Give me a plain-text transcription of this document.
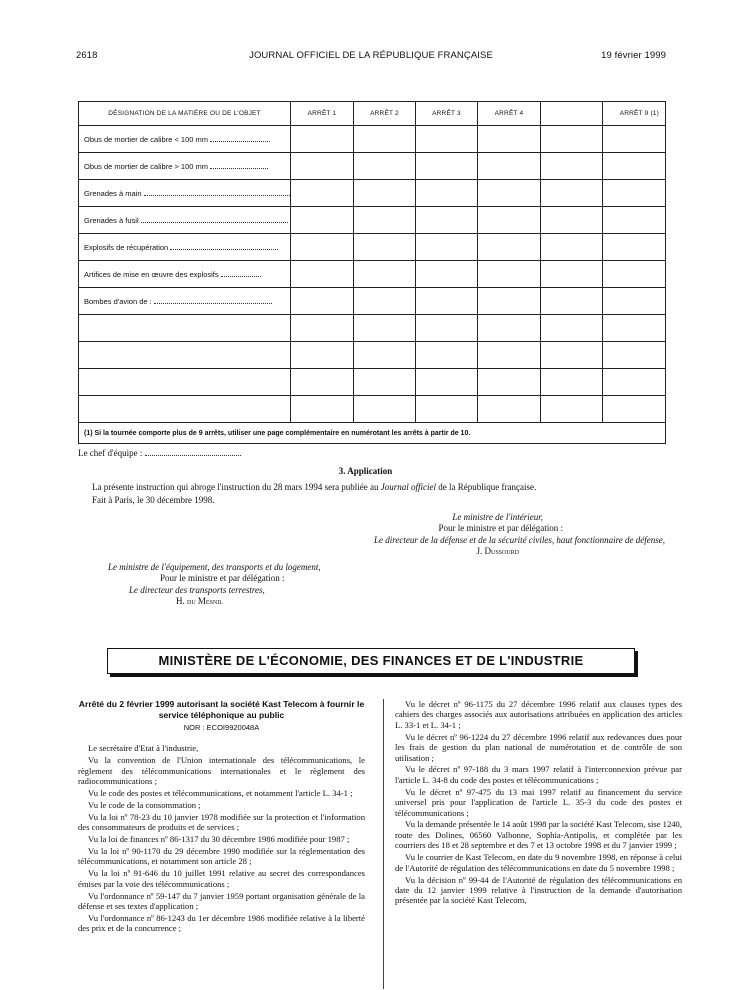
2618	JOURNAL OFFICIEL DE LA RÉPUBLIQUE FRANÇAISE	19 février 1999
DÉSIGNATION DE LA MATIÈRE OU DE L'OBJET	ARRÊT 1	ARRÊT 2	ARRÊT 3	ARRÊT 4		ARRÊT 9 (1)
Obus de mortier de calibre < 100 mm						
Obus de mortier de calibre > 100 mm						
Grenades à main						
Grenades à fusil						
Explosifs de récupération						
Artifices de mise en œuvre des explosifs						
Bombes d'avion de :						

(1) Si la tournée comporte plus de 9 arrêts, utiliser une page complémentaire en numérotant les arrêts à partir de 10.						
Le chef d'équipe :
3. Application
La présente instruction qui abroge l'instruction du 28 mars 1994 sera publiée au Journal officiel de la République française.
Fait à Paris, le 30 décembre 1998.
Le ministre de l'intérieur,
Pour le ministre et par délégation :
Le directeur de la défense et de la sécurité civiles, haut fonctionnaire de défense,
J. Dussourd
Le ministre de l'équipement, des transports et du logement,
Pour le ministre et par délégation :
Le directeur des transports terrestres,
H. du Mesnil
MINISTÈRE DE L'ÉCONOMIE, DES FINANCES ET DE L'INDUSTRIE

Arrêté du 2 février 1999 autorisant la société Kast Telecom à fournir le service téléphonique au public

NOR : ECOI9920048A

Le secrétaire d'Etat à l'industrie,

Vu la convention de l'Union internationale des télécommunications, le règlement des télécommunications internationales et le règlement des radiocommunications ;

Vu le code des postes et télécommunications, et notamment l'article L. 34-1 ;

Vu le code de la consommation ;

Vu la loi nº 78-23 du 10 janvier 1978 modifiée sur la protection et l'information des consommateurs de produits et de services ;

Vu la loi de finances nº 86-1317 du 30 décembre 1986 modifiée pour 1987 ;

Vu la loi nº 90-1170 du 29 décembre 1990 modifiée sur la réglementation des télécommunications, et notamment son article 28 ;

Vu la loi nº 91-646 du 10 juillet 1991 relative au secret des correspondances émises par la voie des télécommunications ;

Vu l'ordonnance nº 59-147 du 7 janvier 1959 portant organisation générale de la défense et ses textes d'application ;

Vu l'ordonnance nº 86-1243 du 1er décembre 1986 modifiée relative à la liberté des prix et de la concurrence ;

Vu le décret nº 96-1175 du 27 décembre 1996 relatif aux clauses types des cahiers des charges associés aux autorisations attribuées en application des articles L. 33-1 et L. 34-1 ;

Vu le décret nº 96-1224 du 27 décembre 1996 relatif aux redevances dues pour les frais de gestion du plan national de numérotation et de contrôle de son utilisation ;

Vu le décret nº 97-188 du 3 mars 1997 relatif à l'interconnexion prévue par l'article L. 34-8 du code des postes et télécommunications ;

Vu le décret nº 97-475 du 13 mai 1997 relatif au financement du service universel pris pour l'application de l'article L. 35-3 du code des postes et télécommunications ;

Vu la demande présentée le 14 août 1998 par la société Kast Telecom, sise 1240, route des Dolines, 06560 Valbonne, Sophia-Antipolis, et complétée par les courriers des 18 et 28 septembre et des 7 et 13 octobre 1998 et du 7 janvier 1999 ;

Vu le courrier de Kast Telecom, en date du 9 novembre 1998, en réponse à celui de l'Autorité de régulation des télécommunications en date du 5 novembre 1998 ;

Vu la décision nº 99-44 de l'Autorité de régulation des télécommunications en date du 12 janvier 1999 relative à l'instruction de la demande d'autorisation présentée par la société Kast Telecom,
